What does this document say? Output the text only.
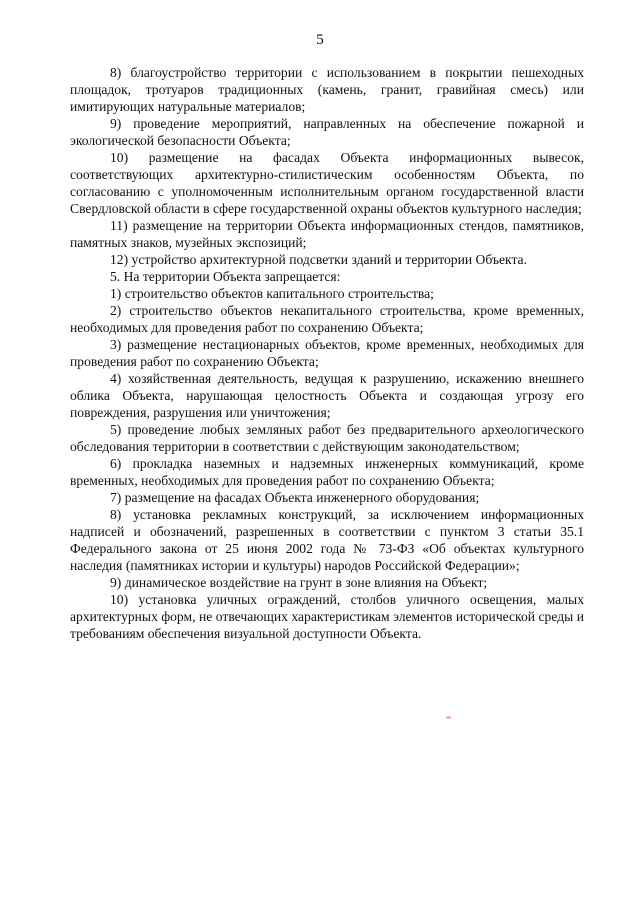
5

8) благоустройство территории с использованием в покрытии пешеходных площадок, тротуаров традиционных (камень, гранит, гравийная смесь) или имитирующих натуральные материалов;

9) проведение мероприятий, направленных на обеспечение пожарной и экологической безопасности Объекта;

10) размещение на фасадах Объекта информационных вывесок, соответствующих архитектурно-стилистическим особенностям Объекта, по согласованию с уполномоченным исполнительным органом государственной власти Свердловской области в сфере государственной охраны объектов культурного наследия;

11) размещение на территории Объекта информационных стендов, памятников, памятных знаков, музейных экспозиций;

12) устройство архитектурной подсветки зданий и территории Объекта.

5. На территории Объекта запрещается:

1) строительство объектов капитального строительства;

2) строительство объектов некапитального строительства, кроме временных, необходимых для проведения работ по сохранению Объекта;

3) размещение нестационарных объектов, кроме временных, необходимых для проведения работ по сохранению Объекта;

4) хозяйственная деятельность, ведущая к разрушению, искажению внешнего облика Объекта, нарушающая целостность Объекта и создающая угрозу его повреждения, разрушения или уничтожения;

5) проведение любых земляных работ без предварительного археологического обследования территории в соответствии с действующим законодательством;

6) прокладка наземных и надземных инженерных коммуникаций, кроме временных, необходимых для проведения работ по сохранению Объекта;

7) размещение на фасадах Объекта инженерного оборудования;

8) установка рекламных конструкций, за исключением информационных надписей и обозначений, разрешенных в соответствии с пунктом 3 статьи 35.1 Федерального закона от 25 июня 2002 года № 73-ФЗ «Об объектах культурного наследия (памятниках истории и культуры) народов Российской Федерации»;

9) динамическое воздействие на грунт в зоне влияния на Объект;

10) установка уличных ограждений, столбов уличного освещения, малых архитектурных форм, не отвечающих характеристикам элементов исторической среды и требованиям обеспечения визуальной доступности Объекта.
